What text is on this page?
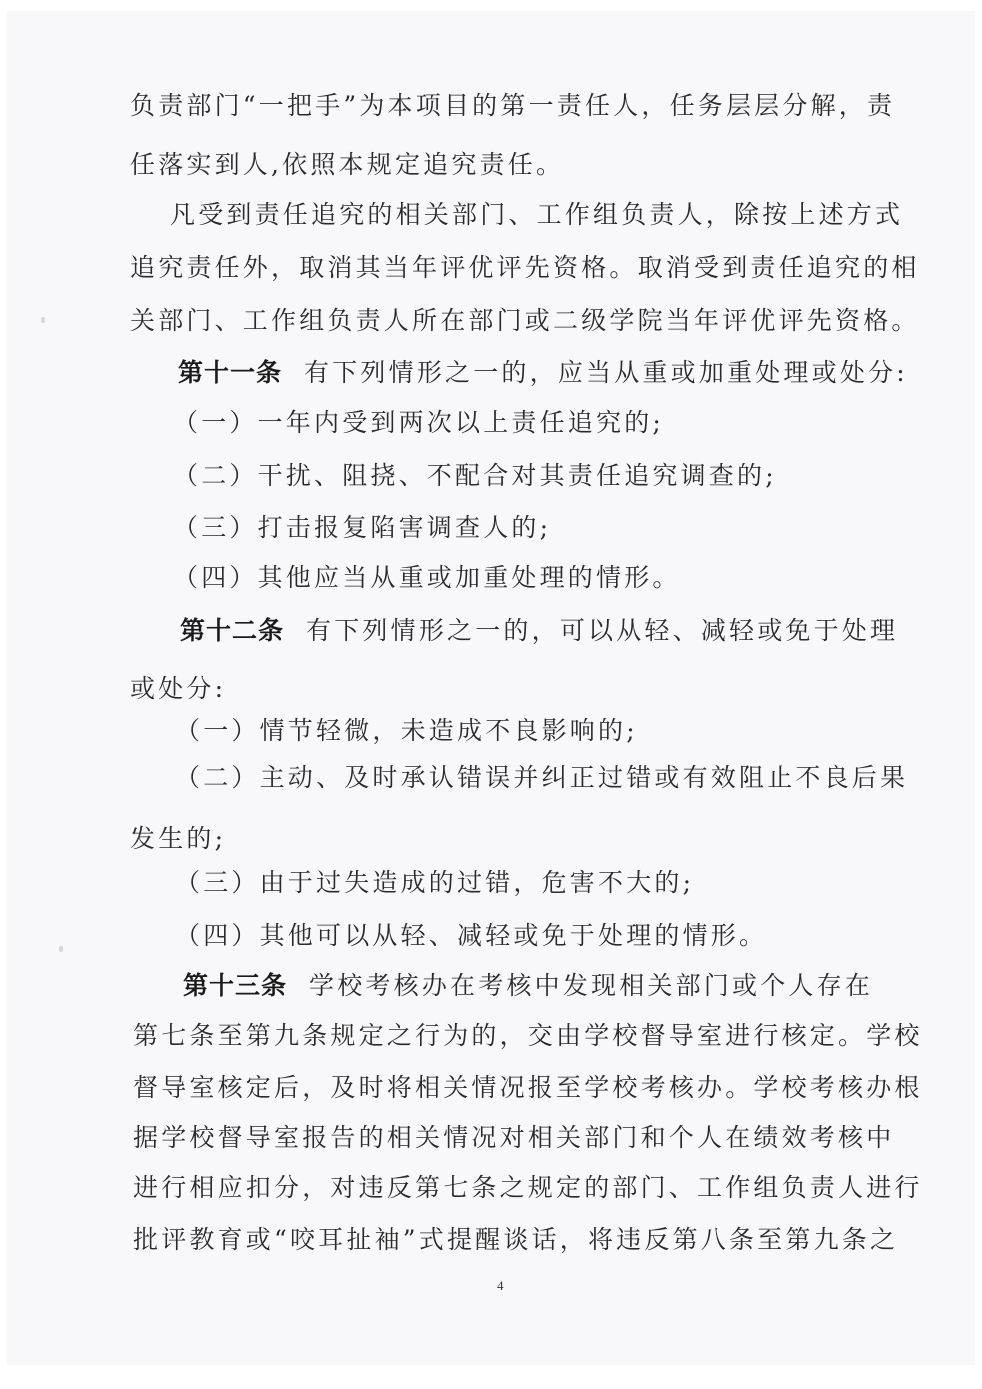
负责部门“一把手”为本项目的第一责任人，任务层层分解，责
任落实到人,依照本规定追究责任。
凡受到责任追究的相关部门、工作组负责人，除按上述方式
追究责任外，取消其当年评优评先资格。取消受到责任追究的相
关部门、工作组负责人所在部门或二级学院当年评优评先资格。
第十一条 有下列情形之一的，应当从重或加重处理或处分:
（一）一年内受到两次以上责任追究的;
（二）干扰、阻挠、不配合对其责任追究调查的;
（三）打击报复陷害调查人的;
（四）其他应当从重或加重处理的情形。
第十二条 有下列情形之一的，可以从轻、减轻或免于处理
或处分:
（一）情节轻微，未造成不良影响的;
（二）主动、及时承认错误并纠正过错或有效阻止不良后果
发生的;
（三）由于过失造成的过错，危害不大的;
（四）其他可以从轻、减轻或免于处理的情形。
第十三条 学校考核办在考核中发现相关部门或个人存在
第七条至第九条规定之行为的，交由学校督导室进行核定。学校
督导室核定后，及时将相关情况报至学校考核办。学校考核办根
据学校督导室报告的相关情况对相关部门和个人在绩效考核中
进行相应扣分，对违反第七条之规定的部门、工作组负责人进行
批评教育或“咬耳扯袖”式提醒谈话，将违反第八条至第九条之
4
